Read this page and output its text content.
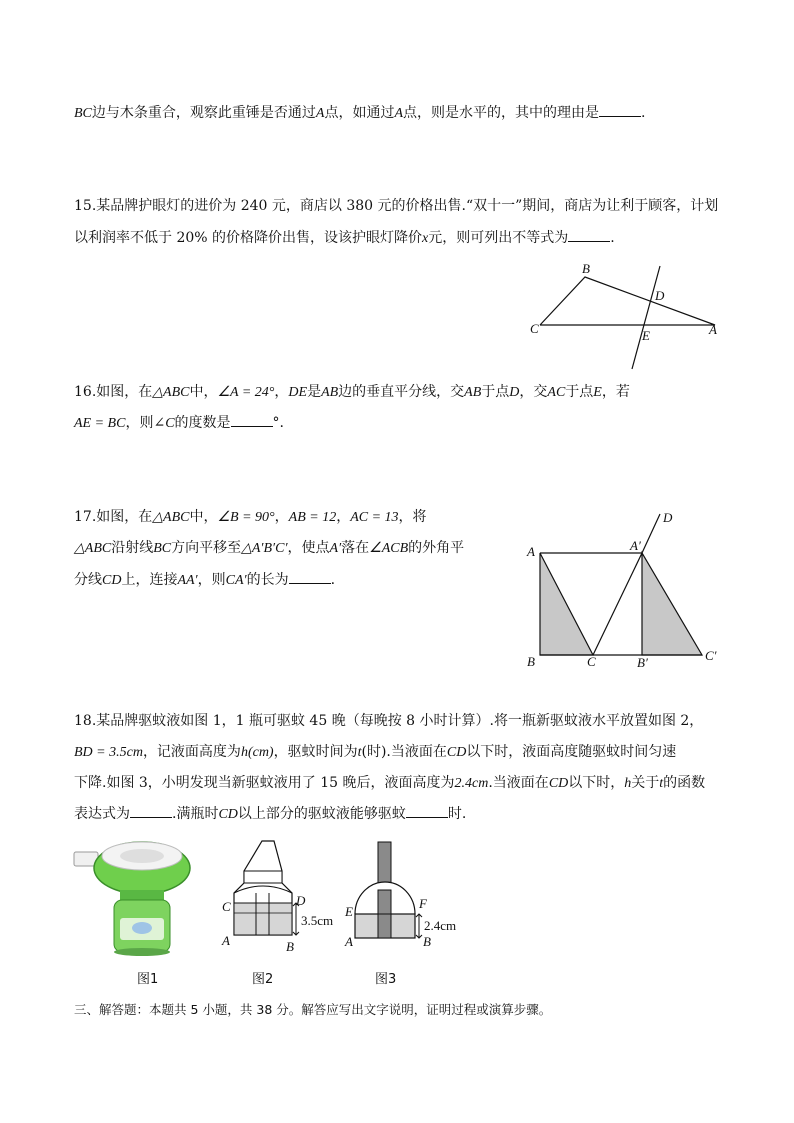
BC边与木条重合，观察此重锤是否通过A点，如通过A点，则是水平的，其中的理由是	.
15.某品牌护眼灯的进价为 240 元，商店以 380 元的价格出售.“双十一”期间，商店为让利于顾客，计划
以利润率不低于 20% 的价格降价出售，设该护眼灯降价x元，则可列出不等式为	.
B
D
C	E	A
16.如图，在△ABC中，∠A = 24°，DE是AB边的垂直平分线，交AB于点D，交AC于点E，若
AE = BC，则∠C的度数是	°.
17.如图，在△ABC中，∠B = 90°，AB = 12，AC = 13，将
△ABC沿射线BC方向平移至△A′B′C′，使点A′落在∠ACB的外角平
分线CD上，连接AA′，则CA′的长为	.
A	A′
D
B	C	B′	C′
18.某品牌驱蚊液如图 1，1 瓶可驱蚊 45 晚（每晚按 8 小时计算）.将一瓶新驱蚊液水平放置如图 2，
BD = 3.5cm，记液面高度为h(cm)，驱蚊时间为t(时).当液面在CD以下时，液面高度随驱蚊时间匀速
下降.如图 3，小明发现当新驱蚊液用了 15 晚后，液面高度为2.4cm.当液面在CD以下时，h关于t的函数
表达式为	.满瓶时CD以上部分的驱蚊液能够驱蚊	时.
C	D
A	B
3.5cm
E
F
A	B
2.4cm
图1	图2	图3
三、解答题：本题共 5 小题，共 38 分。解答应写出文字说明，证明过程或演算步骤。
